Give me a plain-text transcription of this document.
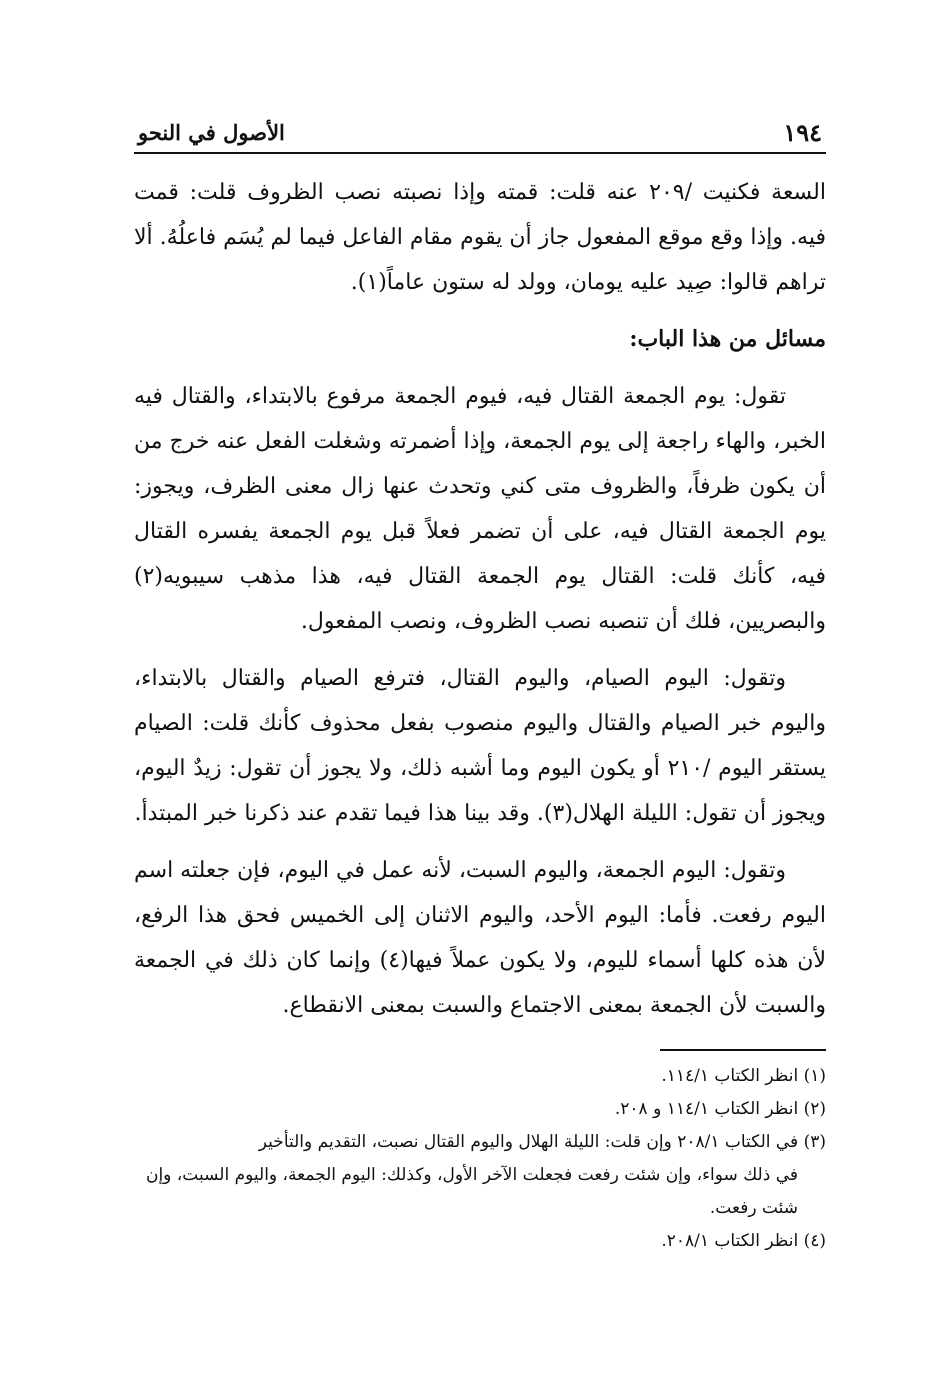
١٩٤
الأصول في النحو

السعة فكنيت /٢٠٩ عنه قلت: قمته وإذا نصبته نصب الظروف قلت: قمت فيه. وإذا وقع موقع المفعول جاز أن يقوم مقام الفاعل فيما لم يُسَم فاعلُهُ. ألا تراهم قالوا: صِيد عليه يومان، وولد له ستون عاماً(١).

مسائل من هذا الباب:

تقول: يوم الجمعة القتال فيه، فيوم الجمعة مرفوع بالابتداء، والقتال فيه الخبر، والهاء راجعة إلى يوم الجمعة، وإذا أضمرته وشغلت الفعل عنه خرج من أن يكون ظرفاً، والظروف متى كني وتحدث عنها زال معنى الظرف، ويجوز: يوم الجمعة القتال فيه، على أن تضمر فعلاً قبل يوم الجمعة يفسره القتال فيه، كأنك قلت: القتال يوم الجمعة القتال فيه، هذا مذهب سيبويه(٢) والبصريين، فلك أن تنصبه نصب الظروف، ونصب المفعول.

وتقول: اليوم الصيام، واليوم القتال، فترفع الصيام والقتال بالابتداء، واليوم خبر الصيام والقتال واليوم منصوب بفعل محذوف كأنك قلت: الصيام يستقر اليوم /٢١٠ أو يكون اليوم وما أشبه ذلك، ولا يجوز أن تقول: زيدٌ اليوم، ويجوز أن تقول: الليلة الهلال(٣). وقد بينا هذا فيما تقدم عند ذكرنا خبر المبتدأ.

وتقول: اليوم الجمعة، واليوم السبت، لأنه عمل في اليوم، فإن جعلته اسم اليوم رفعت. فأما: اليوم الأحد، واليوم الاثنان إلى الخميس فحق هذا الرفع، لأن هذه كلها أسماء لليوم، ولا يكون عملاً فيها(٤) وإنما كان ذلك في الجمعة والسبت لأن الجمعة بمعنى الاجتماع والسبت بمعنى الانقطاع.

(١) انظر الكتاب ١١٤/١.

(٢) انظر الكتاب ١١٤/١ و ٢٠٨.

(٣) في الكتاب ٢٠٨/١ وإن قلت: الليلة الهلال واليوم القتال نصبت، التقديم والتأخير

في ذلك سواء، وإن شئت رفعت فجعلت الآخر الأول، وكذلك: اليوم الجمعة، واليوم السبت، وإن شئت رفعت.

(٤) انظر الكتاب ٢٠٨/١.
